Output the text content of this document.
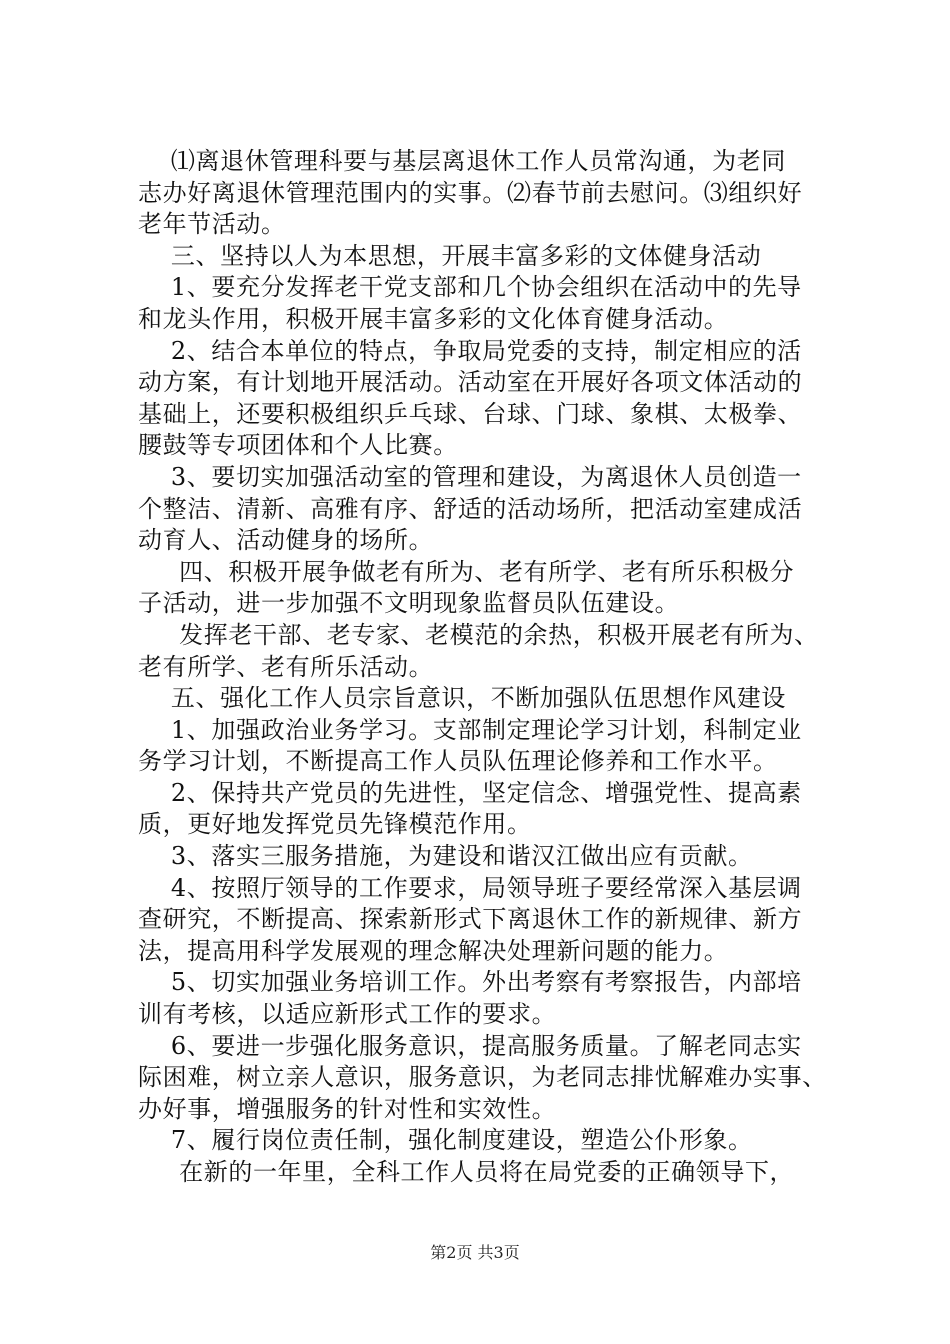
⑴离退休管理科要与基层离退休工作人员常沟通，为老同
志办好离退休管理范围内的实事。⑵春节前去慰问。⑶组织好
老年节活动。
三、坚持以人为本思想，开展丰富多彩的文体健身活动
1、要充分发挥老干党支部和几个协会组织在活动中的先导
和龙头作用，积极开展丰富多彩的文化体育健身活动。
2、结合本单位的特点，争取局党委的支持，制定相应的活
动方案，有计划地开展活动。活动室在开展好各项文体活动的
基础上，还要积极组织乒乓球、台球、门球、象棋、太极拳、
腰鼓等专项团体和个人比赛。
3、要切实加强活动室的管理和建设，为离退休人员创造一
个整洁、清新、高雅有序、舒适的活动场所，把活动室建成活
动育人、活动健身的场所。
四、积极开展争做老有所为、老有所学、老有所乐积极分
子活动，进一步加强不文明现象监督员队伍建设。
发挥老干部、老专家、老模范的余热，积极开展老有所为、
老有所学、老有所乐活动。
五、强化工作人员宗旨意识，不断加强队伍思想作风建设
1、加强政治业务学习。支部制定理论学习计划，科制定业
务学习计划，不断提高工作人员队伍理论修养和工作水平。
2、保持共产党员的先进性，坚定信念、增强党性、提高素
质，更好地发挥党员先锋模范作用。
3、落实三服务措施，为建设和谐汉江做出应有贡献。
4、按照厅领导的工作要求，局领导班子要经常深入基层调
查研究，不断提高、探索新形式下离退休工作的新规律、新方
法，提高用科学发展观的理念解决处理新问题的能力。
5、切实加强业务培训工作。外出考察有考察报告，内部培
训有考核，以适应新形式工作的要求。
6、要进一步强化服务意识，提高服务质量。了解老同志实
际困难，树立亲人意识，服务意识，为老同志排忧解难办实事、
办好事，增强服务的针对性和实效性。
7、履行岗位责任制，强化制度建设，塑造公仆形象。
在新的一年里，全科工作人员将在局党委的正确领导下，
第2页 共3页
